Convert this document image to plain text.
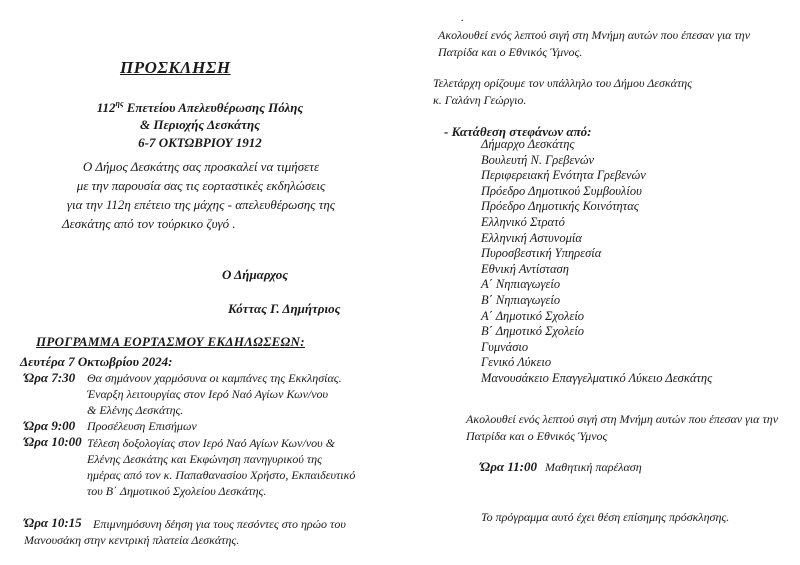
ΠΡΟΣΚΛΗΣΗ
$112^{\eta\varsigma}$ Επετείου Απελευθέρωσης Πόλης
& Περιοχής Δεσκάτης
6-7 ΟΚΤΩΒΡΙΟΥ 1912
Ο Δήμος Δεσκάτης σας προσκαλεί να τιμήσετε
με την παρουσία σας τις εορταστικές εκδηλώσεις
για την 112η επέτειο της μάχης - απελευθέρωσης της
Δεσκάτης από τον τούρκικο ζυγό .
Ο Δήμαρχος
Κόττας Γ. Δημήτριος
ΠΡΟΓΡΑΜΜΑ ΕΟΡΤΑΣΜΟΥ ΕΚΔΗΛΩΣΕΩΝ:
Δευτέρα 7 Οκτωβρίου 2024:
Ώρα 7:30 Θα σημάνουν χαρμόσυνα οι καμπάνες της Εκκλησίας.
Έναρξη λειτουργίας στον Ιερό Ναό Αγίων Κων/νου
& Ελένης Δεσκάτης.
Ώρα 9:00 Προσέλευση Επισήμων
Ώρα 10:00 Τέλεση δοξολογίας στον Ιερό Ναό Αγίων Κων/νου &
Ελένης Δεσκάτης και Εκφώνηση πανηγυρικού της
ημέρας από τον κ. Παπαθανασίου Χρήστο, Εκπαιδευτικό
του Β΄ Δημοτικού Σχολείου Δεσκάτης.
Ώρα 10:15 Επιμνημόσυνη δέηση για τους πεσόντες στο ηρώο του
Μανουσάκη στην κεντρική πλατεία Δεσκάτης.
.
Ακολουθεί ενός λεπτού σιγή στη Μνήμη αυτών που έπεσαν για την
Πατρίδα και ο Εθνικός Ύμνος.
Τελετάρχη ορίζουμε τον υπάλληλο του Δήμου Δεσκάτης
κ. Γαλάνη Γεώργιο.
- Κατάθεση στεφάνων από:
Δήμαρχο Δεσκάτης
Βουλευτή Ν. Γρεβενών
Περιφερειακή Ενότητα Γρεβενών
Πρόεδρο Δημοτικού Συμβουλίου
Πρόεδρο Δημοτικής Κοινότητας
Ελληνικό Στρατό
Ελληνική Αστυνομία
Πυροσβεστική Υπηρεσία
Εθνική Αντίσταση
Α΄ Νηπιαγωγείο
Β΄ Νηπιαγωγείο
Α΄ Δημοτικό Σχολείο
Β΄ Δημοτικό Σχολείο
Γυμνάσιο
Γενικό Λύκειο
Μανουσάκειο Επαγγελματικό Λύκειο Δεσκάτης
Ακολουθεί ενός λεπτού σιγή στη Μνήμη αυτών που έπεσαν για την
Πατρίδα και ο Εθνικός Ύμνος
Ώρα 11:00 Μαθητική παρέλαση
Το πρόγραμμα αυτό έχει θέση επίσημης πρόσκλησης.
